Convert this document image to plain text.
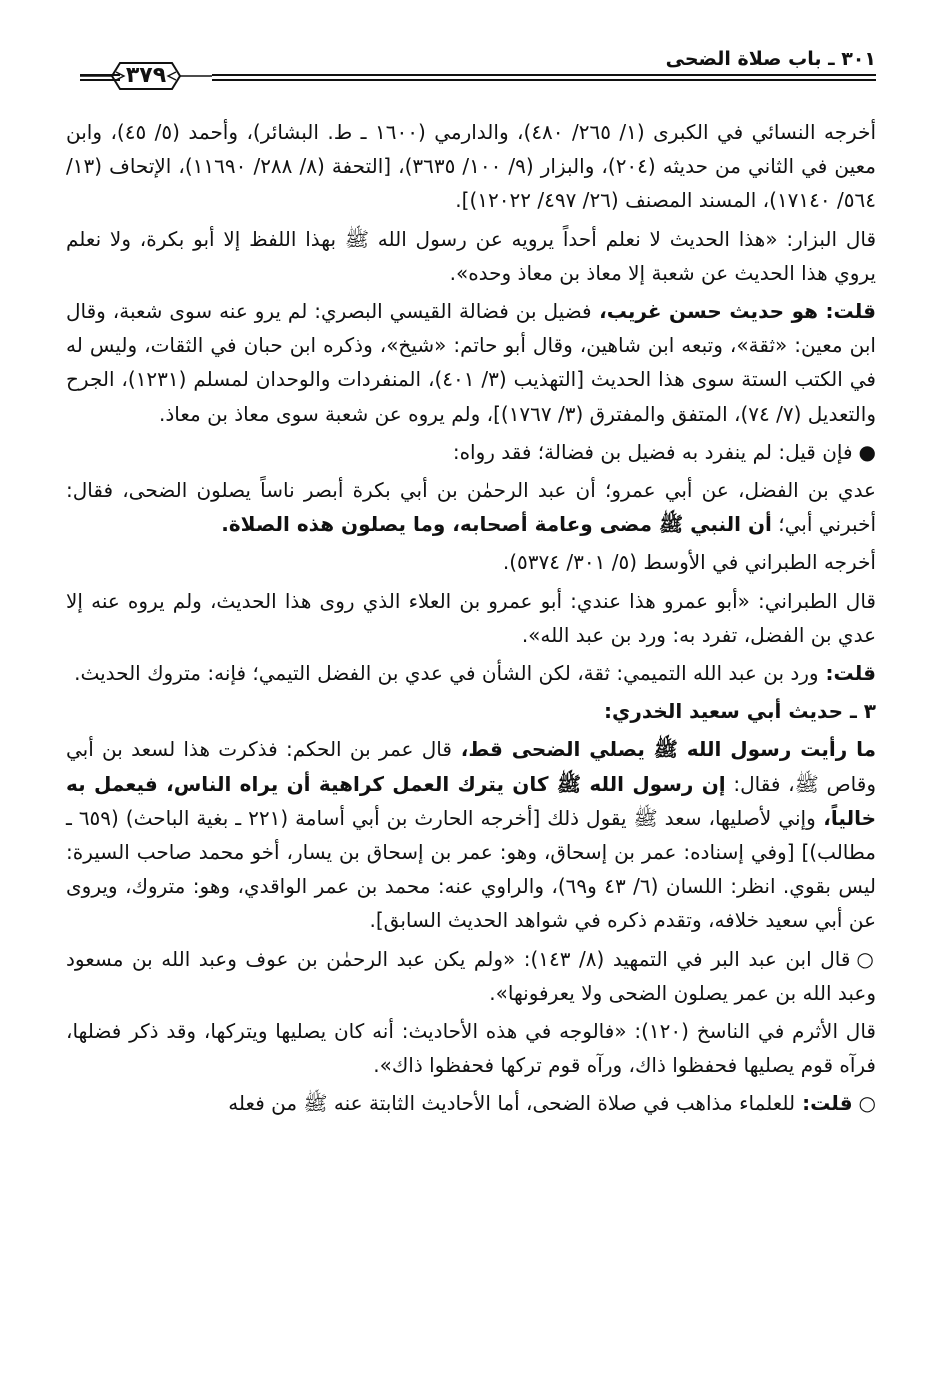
٣٠١ ـ باب صلاة الضحى
٣٧٩

أخرجه النسائي في الكبرى (١/ ٢٦٥/ ٤٨٠)، والدارمي (١٦٠٠ ـ ط. البشائر)، وأحمد (٥/ ٤٥)، وابن معين في الثاني من حديثه (٢٠٤)، والبزار (٩/ ١٠٠/ ٣٦٣٥)، [التحفة (٨/ ٢٨٨/ ١١٦٩٠)، الإتحاف (١٣/ ٥٦٤/ ١٧١٤٠)، المسند المصنف (٢٦/ ٤٩٧/ ١٢٠٢٢)].

قال البزار: «هذا الحديث لا نعلم أحداً يرويه عن رسول الله ﷺ بهذا اللفظ إلا أبو بكرة، ولا نعلم يروي هذا الحديث عن شعبة إلا معاذ بن معاذ وحده».

قلت: هو حديث حسن غريب، فضيل بن فضالة القيسي البصري: لم يرو عنه سوى شعبة، وقال ابن معين: «ثقة»، وتبعه ابن شاهين، وقال أبو حاتم: «شيخ»، وذكره ابن حبان في الثقات، وليس له في الكتب الستة سوى هذا الحديث [التهذيب (٣/ ٤٠١)، المنفردات والوحدان لمسلم (١٢٣١)، الجرح والتعديل (٧/ ٧٤)، المتفق والمفترق (٣/ ١٧٦٧)]، ولم يروه عن شعبة سوى معاذ بن معاذ.

●فإن قيل: لم ينفرد به فضيل بن فضالة؛ فقد رواه:

عدي بن الفضل، عن أبي عمرو؛ أن عبد الرحمٰن بن أبي بكرة أبصر ناساً يصلون الضحى، فقال: أخبرني أبي؛ أن النبي ﷺ مضى وعامة أصحابه، وما يصلون هذه الصلاة.

أخرجه الطبراني في الأوسط (٥/ ٣٠١/ ٥٣٧٤).

قال الطبراني: «أبو عمرو هذا عندي: أبو عمرو بن العلاء الذي روى هذا الحديث، ولم يروه عنه إلا عدي بن الفضل، تفرد به: ورد بن عبد الله».

قلت: ورد بن عبد الله التميمي: ثقة، لكن الشأن في عدي بن الفضل التيمي؛ فإنه: متروك الحديث.

٣ ـ حديث أبي سعيد الخدري:

ما رأيت رسول الله ﷺ يصلي الضحى قط، قال عمر بن الحكم: فذكرت هذا لسعد بن أبي وقاص ﷺ، فقال: إن رسول الله ﷺ كان يترك العمل كراهية أن يراه الناس، فيعمل به خالياً، وإني لأصليها، سعد ﷺ يقول ذلك [أخرجه الحارث بن أبي أسامة (٢٢١ ـ بغية الباحث) (٦٥٩ ـ مطالب)] [وفي إسناده: عمر بن إسحاق، وهو: عمر بن إسحاق بن يسار، أخو محمد صاحب السيرة: ليس بقوي. انظر: اللسان (٦/ ٤٣ و٦٩)، والراوي عنه: محمد بن عمر الواقدي، وهو: متروك، ويروى عن أبي سعيد خلافه، وتقدم ذكره في شواهد الحديث السابق].

○قال ابن عبد البر في التمهيد (٨/ ١٤٣): «ولم يكن عبد الرحمٰن بن عوف وعبد الله بن مسعود وعبد الله بن عمر يصلون الضحى ولا يعرفونها».

قال الأثرم في الناسخ (١٢٠): «فالوجه في هذه الأحاديث: أنه كان يصليها ويتركها، وقد ذكر فضلها، فرآه قوم يصليها فحفظوا ذاك، ورآه قوم تركها فحفظوا ذاك».

○قلت: للعلماء مذاهب في صلاة الضحى، أما الأحاديث الثابتة عنه ﷺ من فعله
